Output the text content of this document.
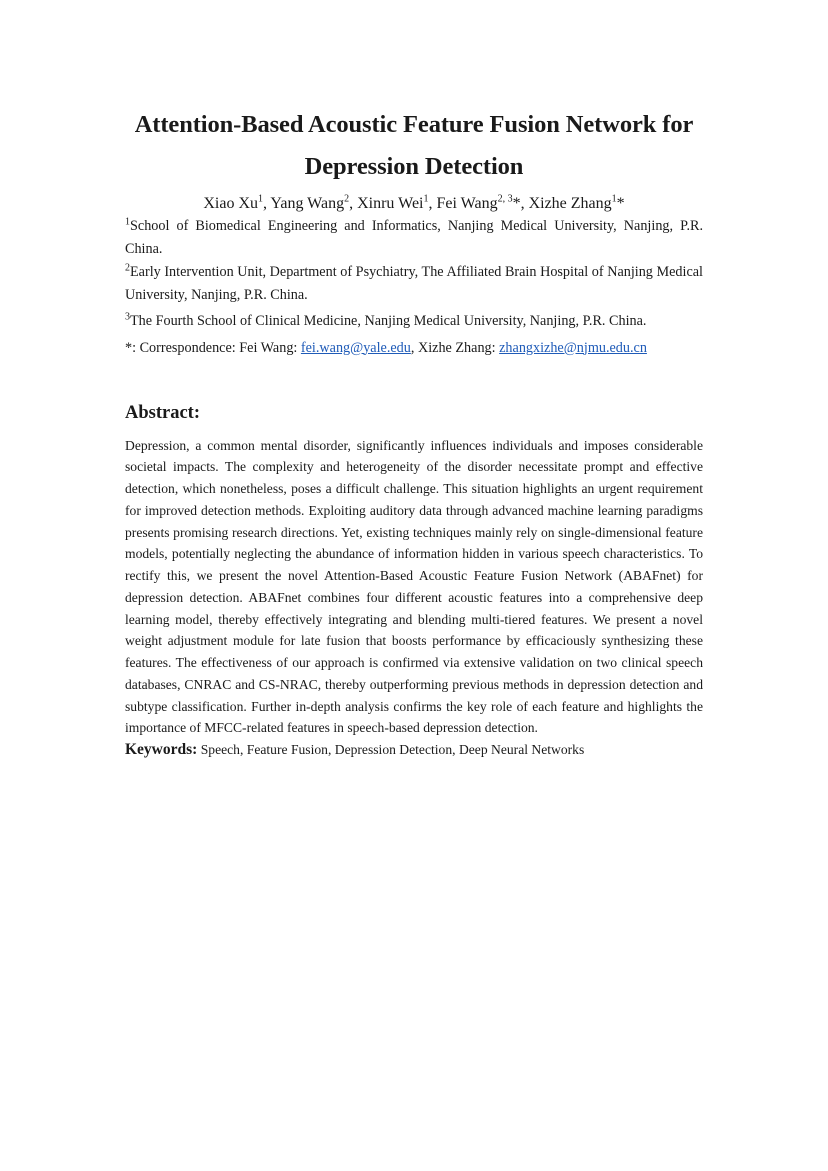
Attention-Based Acoustic Feature Fusion Network for
Depression Detection
Xiao Xu$^1$, Yang Wang$^2$, Xinru Wei$^1$, Fei Wang$^{2, 3}$*, Xizhe Zhang$^1$*

$^1$School of Biomedical Engineering and Informatics, Nanjing Medical University, Nanjing, P.R. China.

$^2$Early Intervention Unit, Department of Psychiatry, The Affiliated Brain Hospital of Nanjing Medical University, Nanjing, P.R. China.

$^3$The Fourth School of Clinical Medicine, Nanjing Medical University, Nanjing, P.R. China.

*: Correspondence: Fei Wang: fei.wang@yale.edu, Xizhe Zhang: zhangxizhe@njmu.edu.cn
Abstract:

Depression, a common mental disorder, significantly influences individuals and imposes considerable societal impacts. The complexity and heterogeneity of the disorder necessitate prompt and effective detection, which nonetheless, poses a difficult challenge. This situation highlights an urgent requirement for improved detection methods. Exploiting auditory data through advanced machine learning paradigms presents promising research directions. Yet, existing techniques mainly rely on single-dimensional feature models, potentially neglecting the abundance of information hidden in various speech characteristics. To rectify this, we present the novel Attention-Based Acoustic Feature Fusion Network (ABAFnet) for depression detection. ABAFnet combines four different acoustic features into a comprehensive deep learning model, thereby effectively integrating and blending multi-tiered features. We present a novel weight adjustment module for late fusion that boosts performance by efficaciously synthesizing these features. The effectiveness of our approach is confirmed via extensive validation on two clinical speech databases, CNRAC and CS-NRAC, thereby outperforming previous methods in depression detection and subtype classification. Further in-depth analysis confirms the key role of each feature and highlights the importance of MFCC-related features in speech-based depression detection.

Keywords: Speech, Feature Fusion, Depression Detection, Deep Neural Networks
